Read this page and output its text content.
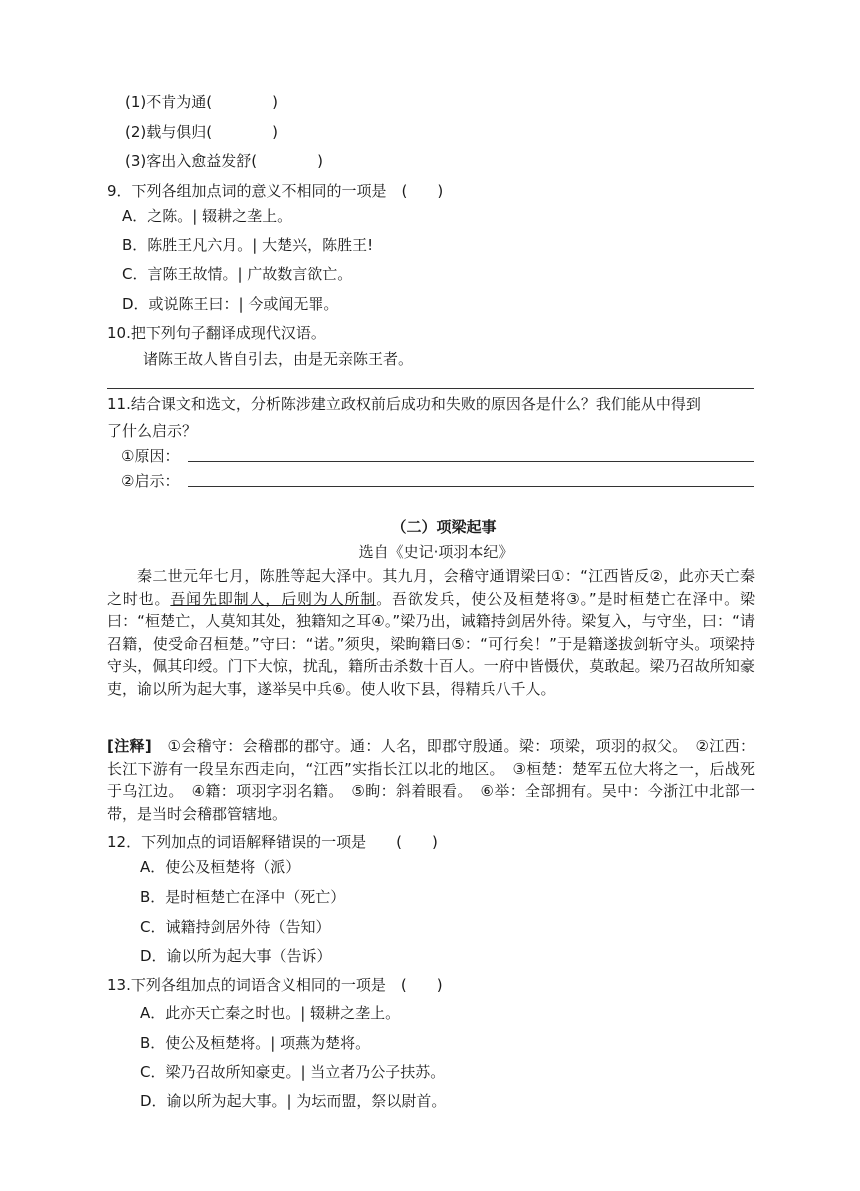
(1)不肯为通(　　　　)
(2)载与俱归(　　　　)
(3)客出入愈益发舒(　　　　)
9．下列各组加点词的意义不相同的一项是　(　　)
A．之陈。| 辍耕之垄上。
B．陈胜王凡六月。| 大楚兴，陈胜王!
C．言陈王故情。| 广故数言欲亡。
D．或说陈王曰：| 今或闻无罪。
10.把下列句子翻译成现代汉语。
诸陈王故人皆自引去，由是无亲陈王者。
11.结合课文和选文，分析陈涉建立政权前后成功和失败的原因各是什么？我们能从中得到
了什么启示？
①原因：
②启示：
（二）项梁起事
选自《史记·项羽本纪》
秦二世元年七月，陈胜等起大泽中。其九月，会稽守通谓梁曰①：“江西皆反②，此亦天亡秦之时也。吾闻先即制人，后则为人所制。吾欲发兵，使公及桓楚将③。”是时桓楚亡在泽中。梁曰：“桓楚亡，人莫知其处，独籍知之耳④。”梁乃出，诫籍持剑居外待。梁复入，与守坐，曰：“请召籍，使受命召桓楚。”守曰：“诺。”须臾，梁眴籍曰⑤：“可行矣！”于是籍遂拔剑斩守头。项梁持守头，佩其印绶。门下大惊，扰乱，籍所击杀数十百人。一府中皆慑伏，莫敢起。梁乃召故所知豪吏，谕以所为起大事，遂举吴中兵⑥。使人收下县，得精兵八千人。
[注释]　 ①会稽守：会稽郡的郡守。通：人名，即郡守殷通。梁：项梁，项羽的叔父。　②江西：长江下游有一段呈东西走向，“江西”实指长江以北的地区。　③桓楚：楚军五位大将之一，后战死于乌江边。　④籍：项羽字羽名籍。　⑤眴：斜着眼看。　⑥举：全部拥有。吴中：今浙江中北部一带，是当时会稽郡管辖地。
12．下列加点的词语解释错误的一项是　　(　　)
A．使公及桓楚将（派）
B．是时桓楚亡在泽中（死亡）
C．诫籍持剑居外待（告知）
D．谕以所为起大事（告诉）
13.下列各组加点的词语含义相同的一项是　(　　)
A．此亦天亡秦之时也。| 辍耕之垄上。
B．使公及桓楚将。| 项燕为楚将。
C．梁乃召故所知豪吏。| 当立者乃公子扶苏。
D．谕以所为起大事。| 为坛而盟，祭以尉首。
